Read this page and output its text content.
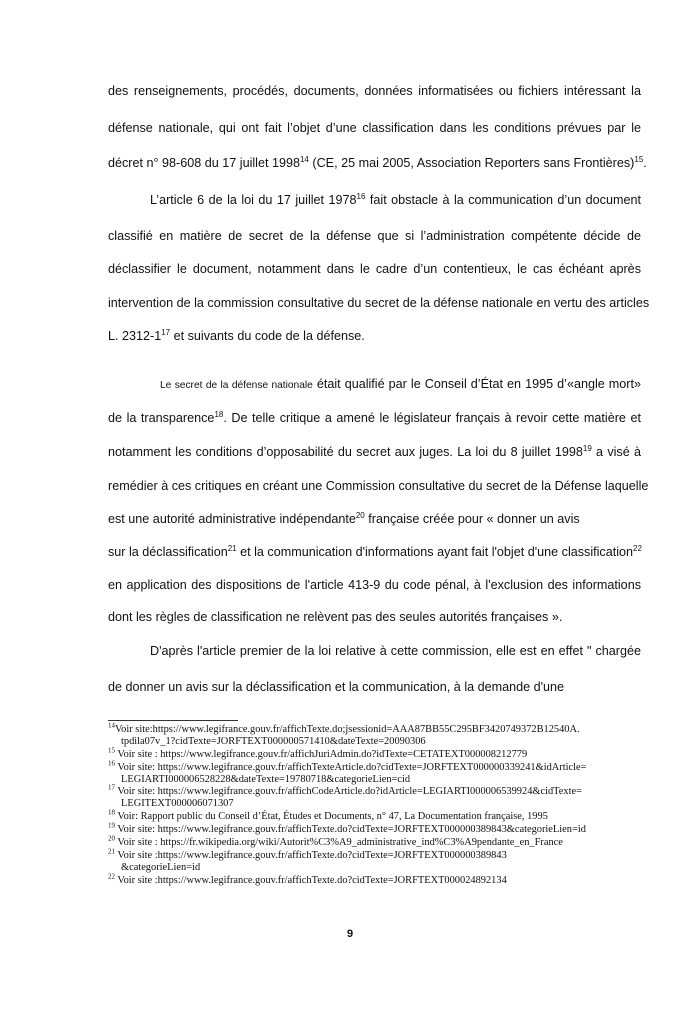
des renseignements, procédés, documents, données informatisées ou fichiers intéressant la
défense nationale, qui ont fait l’objet d’une classification dans les conditions prévues par le
décret n° 98-608 du 17 juillet 1998$^{14}$ (CE, 25 mai 2005, Association Reporters sans Frontières)$^{15}$.
L’article 6 de la loi du 17 juillet 1978$^{16}$ fait obstacle à la communication d’un document
classifié en matière de secret de la défense que si l’administration compétente décide de
déclassifier le document, notamment dans le cadre d’un contentieux, le cas échéant après
intervention de la commission consultative du secret de la défense nationale en vertu des articles
L. $2312-1^{17}$ et suivants du code de la défense.
Le secret de la défense nationale était qualifié par le Conseil d’État en 1995 d’«angle mort»
de la transparence$^{18}$. De telle critique a amené le législateur français à revoir cette matière et
notamment les conditions d’opposabilité du secret aux juges. La loi du 8 juillet 1998$^{19}$ a visé à
remédier à ces critiques en créant une Commission consultative du secret de la Défense laquelle
est une autorité administrative indépendante$^{20}$ française créée pour « donner un avis
sur la déclassification$^{21}$ et la communication d'informations ayant fait l'objet d'une classification$^{22}$
en application des dispositions de l'article 413-9 du code pénal, à l'exclusion des informations
dont les règles de classification ne relèvent pas des seules autorités françaises ».
D'après l'article premier de la loi relative à cette commission, elle est en effet " chargée
de donner un avis sur la déclassification et la communication, à la demande d'une
$^{14}$Voir site:https://www.legifrance.gouv.fr/affichTexte.do;jsessionid=AAA87BB55C295BF3420749372B12540A.
tpdila07v_1?cidTexte=JORFTEXT000000571410&dateTexte=20090306
$^{15}$ Voir site : https://www.legifrance.gouv.fr/affichJuriAdmin.do?idTexte=CETATEXT000008212779
$^{16}$ Voir site: https://www.legifrance.gouv.fr/affichTexteArticle.do?cidTexte=JORFTEXT000000339241&idArticle=
LEGIARTI000006528228&dateTexte=19780718&categorieLien=cid
$^{17}$ Voir site: https://www.legifrance.gouv.fr/affichCodeArticle.do?idArticle=LEGIARTI000006539924&cidTexte=
LEGITEXT000006071307
$^{18}$ Voir: Rapport public du Conseil d’État, Études et Documents, n° 47, La Documentation française, 1995
$^{19}$ Voir site: https://www.legifrance.gouv.fr/affichTexte.do?cidTexte=JORFTEXT000000389843&categorieLien=id
$^{20}$ Voir site : https://fr.wikipedia.org/wiki/Autorit%C3%A9_administrative_ind%C3%A9pendante_en_France
$^{21}$ Voir site :https://www.legifrance.gouv.fr/affichTexte.do?cidTexte=JORFTEXT000000389843
&categorieLien=id
$^{22}$ Voir site :https://www.legifrance.gouv.fr/affichTexte.do?cidTexte=JORFTEXT000024892134
9
